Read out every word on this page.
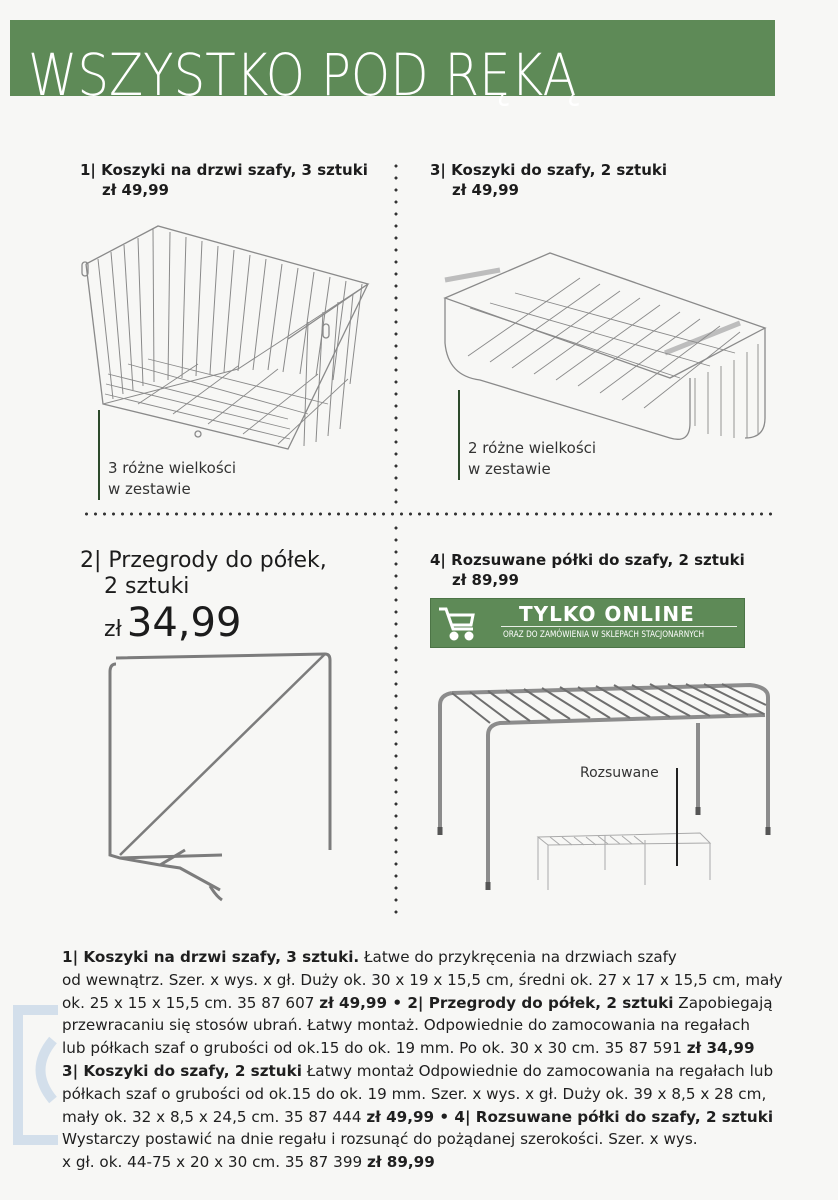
WSZYSTKO POD RĘKĄ
1| Koszyki na drzwi szafy, 3 sztuki
zł 49,99
3 różne wielkości
w zestawie
3| Koszyki do szafy, 2 sztuki
zł 49,99
2 różne wielkości
w zestawie
2| Przegrody do półek,
2 sztuki
zł 34,99
4| Rozsuwane półki do szafy, 2 sztuki
zł 89,99
TYLKO ONLINE
ORAZ DO ZAMÓWIENIA W SKLEPACH STACJONARNYCH
Rozsuwane
1| Koszyki na drzwi szafy, 3 sztuki. Łatwe do przykręcenia na drzwiach szafy
od wewnątrz. Szer. x wys. x gł. Duży ok. 30 x 19 x 15,5 cm, średni ok. 27 x 17 x 15,5 cm, mały
ok. 25 x 15 x 15,5 cm. 35 87 607 zł 49,99 • 2| Przegrody do półek, 2 sztuki Zapobiegają
przewracaniu się stosów ubrań. Łatwy montaż. Odpowiednie do zamocowania na regałach
lub półkach szaf o grubości od ok.15 do ok. 19 mm. Po ok. 30 x 30 cm. 35 87 591 zł 34,99
3| Koszyki do szafy, 2 sztuki Łatwy montaż Odpowiednie do zamocowania na regałach lub
półkach szaf o grubości od ok.15 do ok. 19 mm. Szer. x wys. x gł. Duży ok. 39 x 8,5 x 28 cm,
mały ok. 32 x 8,5 x 24,5 cm. 35 87 444 zł 49,99 • 4| Rozsuwane półki do szafy, 2 sztuki
Wystarczy postawić na dnie regału i rozsunąć do pożądanej szerokości. Szer. x wys.
x gł. ok. 44-75 x 20 x 30 cm. 35 87 399 zł 89,99
